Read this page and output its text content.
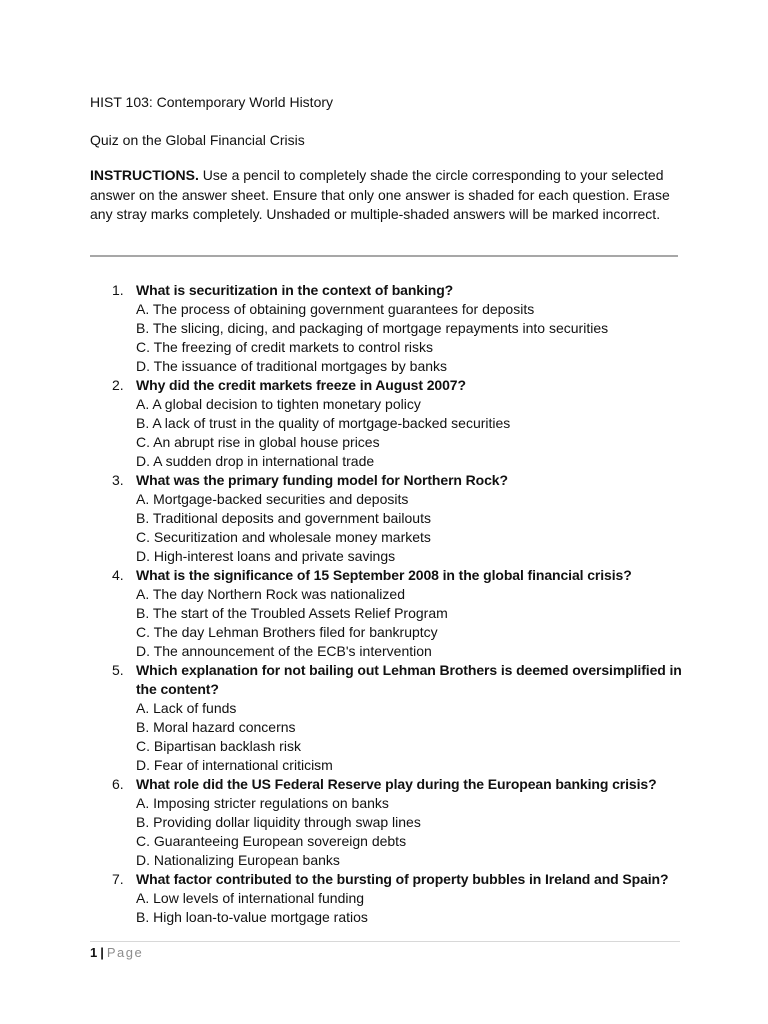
HIST 103: Contemporary World History
Quiz on the Global Financial Crisis
INSTRUCTIONS. Use a pencil to completely shade the circle corresponding to your selected answer on the answer sheet. Ensure that only one answer is shaded for each question. Erase any stray marks completely. Unshaded or multiple-shaded answers will be marked incorrect.
1. What is securitization in the context of banking?
A. The process of obtaining government guarantees for deposits
B. The slicing, dicing, and packaging of mortgage repayments into securities
C. The freezing of credit markets to control risks
D. The issuance of traditional mortgages by banks
2. Why did the credit markets freeze in August 2007?
A. A global decision to tighten monetary policy
B. A lack of trust in the quality of mortgage-backed securities
C. An abrupt rise in global house prices
D. A sudden drop in international trade
3. What was the primary funding model for Northern Rock?
A. Mortgage-backed securities and deposits
B. Traditional deposits and government bailouts
C. Securitization and wholesale money markets
D. High-interest loans and private savings
4. What is the significance of 15 September 2008 in the global financial crisis?
A. The day Northern Rock was nationalized
B. The start of the Troubled Assets Relief Program
C. The day Lehman Brothers filed for bankruptcy
D. The announcement of the ECB's intervention
5. Which explanation for not bailing out Lehman Brothers is deemed oversimplified in the content?
A. Lack of funds
B. Moral hazard concerns
C. Bipartisan backlash risk
D. Fear of international criticism
6. What role did the US Federal Reserve play during the European banking crisis?
A. Imposing stricter regulations on banks
B. Providing dollar liquidity through swap lines
C. Guaranteeing European sovereign debts
D. Nationalizing European banks
7. What factor contributed to the bursting of property bubbles in Ireland and Spain?
A. Low levels of international funding
B. High loan-to-value mortgage ratios
1 | Page
